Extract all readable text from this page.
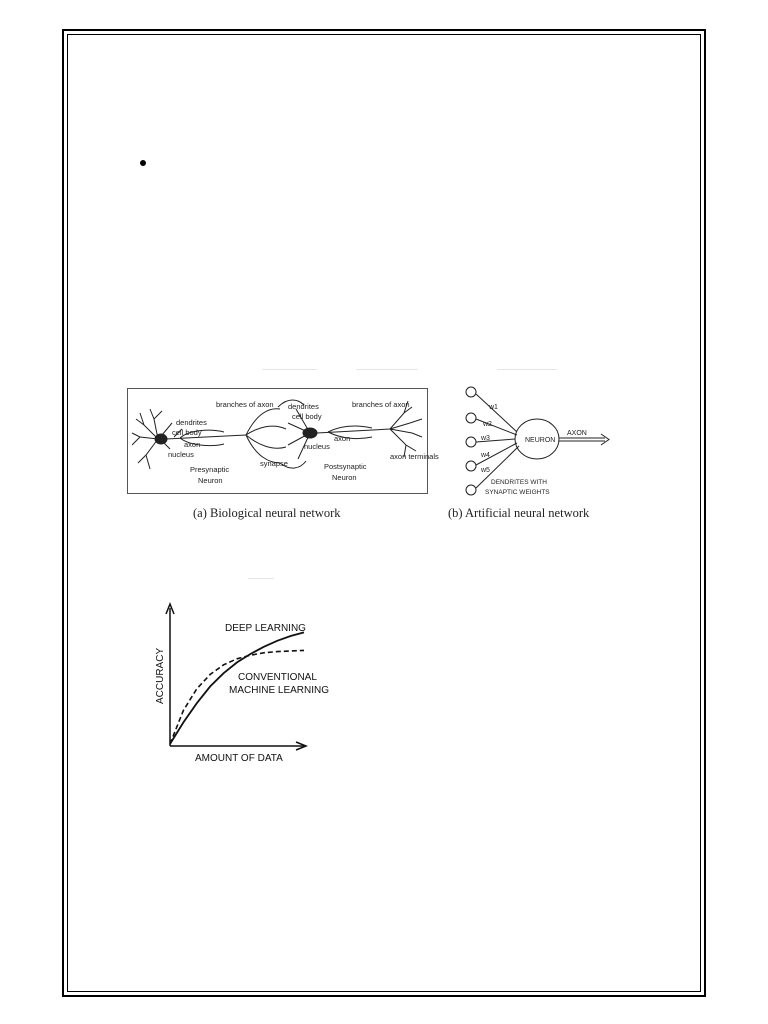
dendrites
cell body
axon
nucleus
branches of axon
Presynaptic
Neuron
synapse
dendrites
cell body
axon
nucleus
Postsynaptic
Neuron
branches of axon
axon terminals
(a) Biological neural network
w1
w2
w3
w4
w5
NEURON
AXON
DENDRITES WITH
SYNAPTIC WEIGHTS
(b) Artificial neural network
DEEP LEARNING
CONVENTIONAL
MACHINE LEARNING
AMOUNT OF DATA
ACCURACY
